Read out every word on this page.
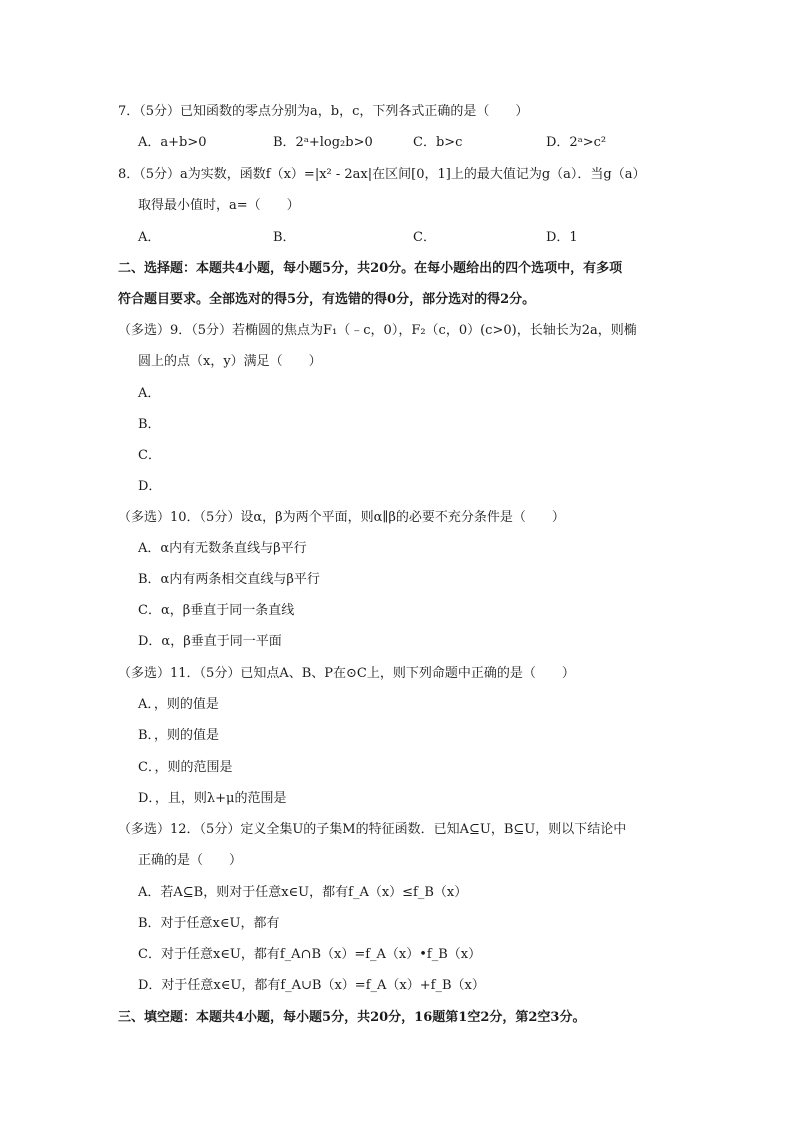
7．（5分）已知函数的零点分别为a，b，c，下列各式正确的是（　　）
A．a+b>0	B．2ᵃ+log₂b>0	C．b>c	D．2ᵃ>c²
8．（5分）a为实数，函数f（x）=|x² - 2ax|在区间[0，1]上的最大值记为g（a）．当g（a）
取得最小值时，a=（　　）
A．	B．	C．	D．1
二、选择题：本题共4小题，每小题5分，共20分。在每小题给出的四个选项中，有多项
符合题目要求。全部选对的得5分，有选错的得0分，部分选对的得2分。
（多选）9．（5分）若椭圆的焦点为F₁（﹣c，0），F₂（c，0）(c>0)，长轴长为2a，则椭
圆上的点（x，y）满足（　　）
A．
B．
C．
D．
（多选）10．（5分）设α，β为两个平面，则α∥β的必要不充分条件是（　　）
A．α内有无数条直线与β平行
B．α内有两条相交直线与β平行
C．α，β垂直于同一条直线
D．α，β垂直于同一平面
（多选）11．（5分）已知点A、B、P在⊙C上，则下列命题中正确的是（　　）
A．，则的值是
B．，则的值是
C．，则的范围是
D．，且，则λ+μ的范围是
（多选）12．（5分）定义全集U的子集M的特征函数．已知A⊆U，B⊆U，则以下结论中
正确的是（　　）
A．若A⊆B，则对于任意x∈U，都有f_A（x）≤f_B（x）
B．对于任意x∈U，都有
C．对于任意x∈U，都有f_A∩B（x）=f_A（x）•f_B（x）
D．对于任意x∈U，都有f_A∪B（x）=f_A（x）+f_B（x）
三、填空题：本题共4小题，每小题5分，共20分，16题第1空2分，第2空3分。
